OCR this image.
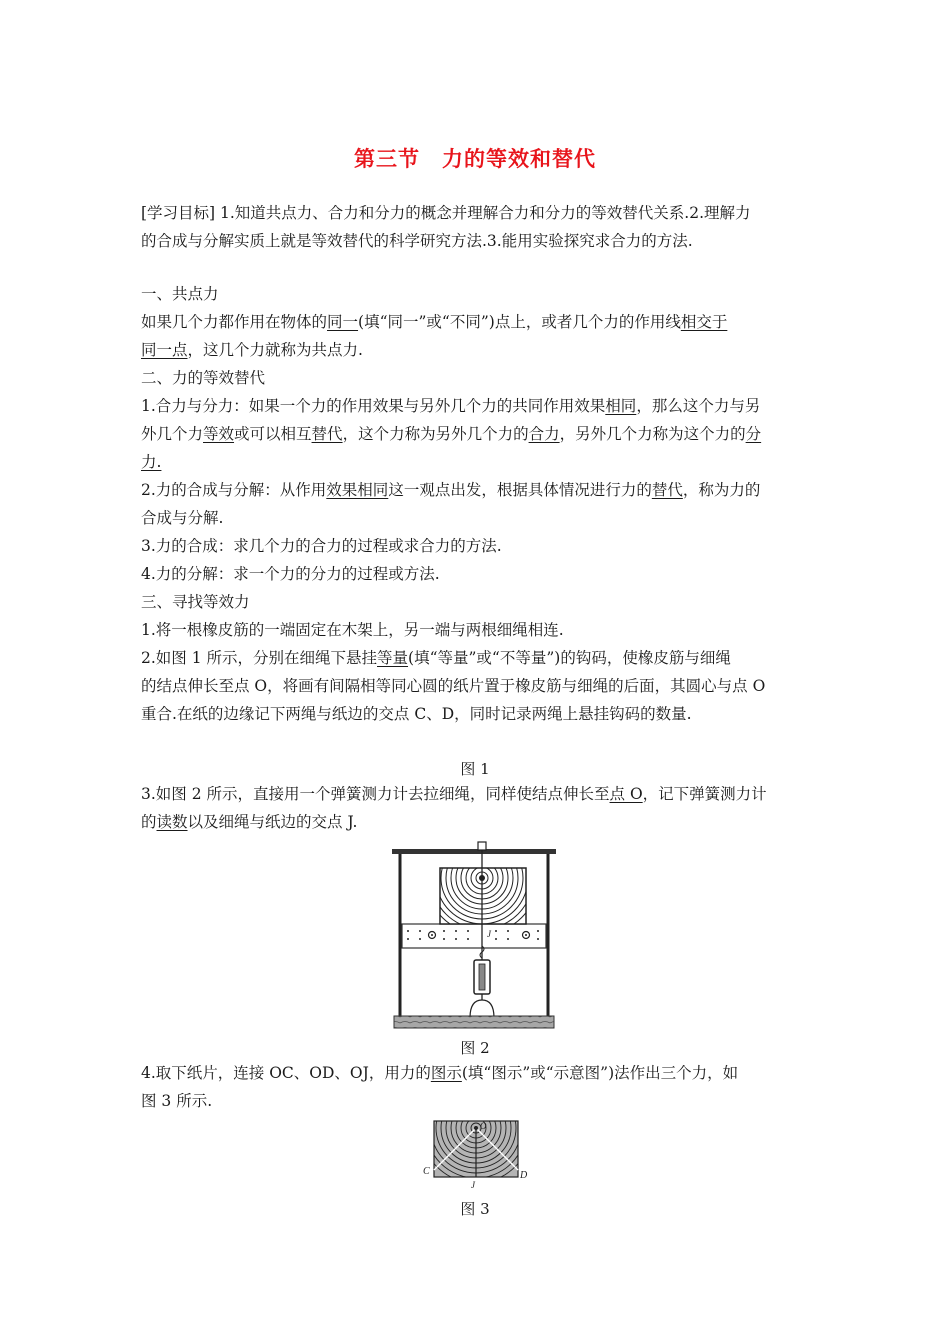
第三节　力的等效和替代
[学习目标] 1.知道共点力、合力和分力的概念并理解合力和分力的等效替代关系.2.理解力
的合成与分解实质上就是等效替代的科学研究方法.3.能用实验探究求合力的方法.
一、共点力
如果几个力都作用在物体的同一(填“同一”或“不同”)点上，或者几个力的作用线相交于
同一点，这几个力就称为共点力.
二、力的等效替代
1.合力与分力：如果一个力的作用效果与另外几个力的共同作用效果相同，那么这个力与另
外几个力等效或可以相互替代，这个力称为另外几个力的合力，另外几个力称为这个力的分
力.
2.力的合成与分解：从作用效果相同这一观点出发，根据具体情况进行力的替代，称为力的
合成与分解.
3.力的合成：求几个力的合力的过程或求合力的方法.
4.力的分解：求一个力的分力的过程或方法.
三、寻找等效力
1.将一根橡皮筋的一端固定在木架上，另一端与两根细绳相连.
2.如图 1 所示，分别在细绳下悬挂等量(填“等量”或“不等量”)的钩码，使橡皮筋与细绳
的结点伸长至点 O，将画有间隔相等同心圆的纸片置于橡皮筋与细绳的后面，其圆心与点 O
重合.在纸的边缘记下两绳与纸边的交点 C、D，同时记录两绳上悬挂钩码的数量.
图 1
3.如图 2 所示，直接用一个弹簧测力计去拉细绳，同样使结点伸长至点 O，记下弹簧测力计
的读数以及细绳与纸边的交点 J.
J
图 2
4.取下纸片，连接 OC、OD、OJ，用力的图示(填“图示”或“示意图”)法作出三个力，如
图 3 所示.
O
C	D
J
图 3
